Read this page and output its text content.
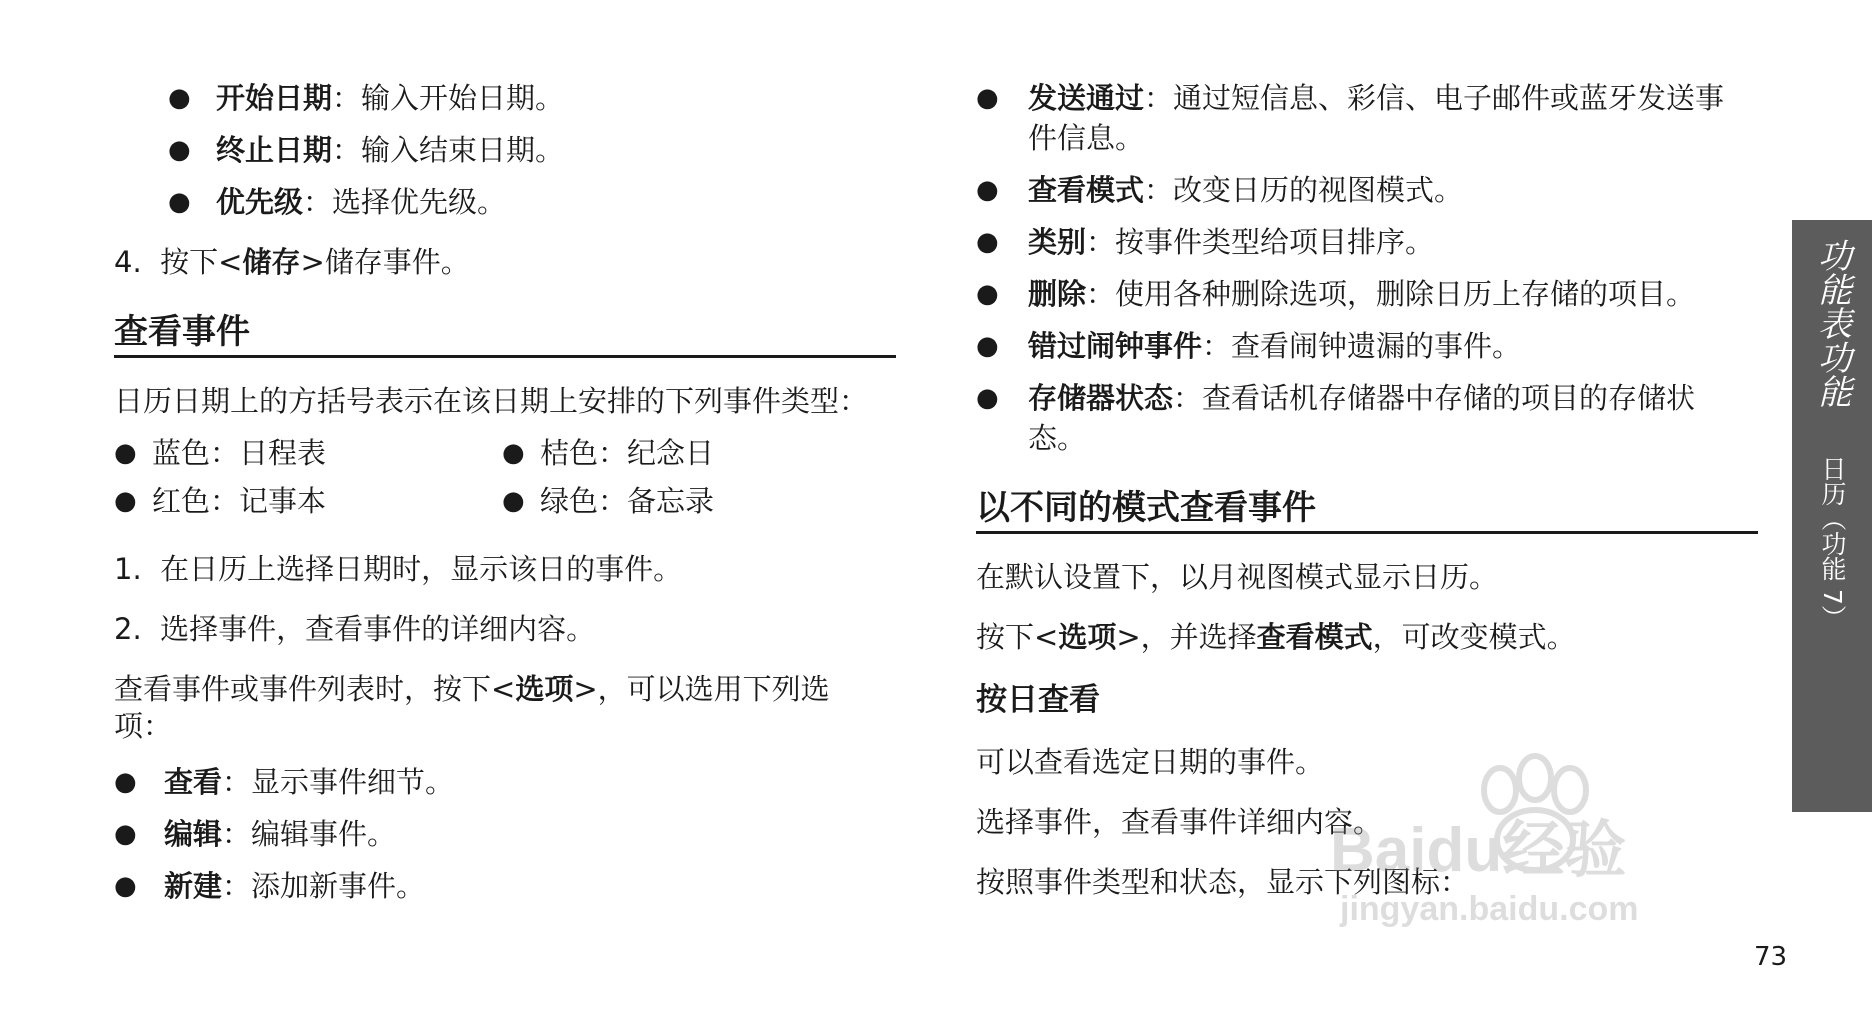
● 开始日期：输入开始日期。
● 终止日期：输入结束日期。
● 优先级：选择优先级。
4. 按下<储存>储存事件。
查看事件
日历日期上的方括号表示在该日期上安排的下列事件类型：
● 蓝色：日程表	● 桔色：纪念日
● 红色：记事本	● 绿色：备忘录
1. 在日历上选择日期时，显示该日的事件。
2. 选择事件，查看事件的详细内容。
查看事件或事件列表时，按下<选项>，可以选用下列选
项：
● 查看：显示事件细节。
● 编辑：编辑事件。
● 新建：添加新事件。
● 发送通过：通过短信息、彩信、电子邮件或蓝牙发送事
件信息。
● 查看模式：改变日历的视图模式。
● 类别：按事件类型给项目排序。
● 删除：使用各种删除选项，删除日历上存储的项目。
● 错过闹钟事件：查看闹钟遗漏的事件。
● 存储器状态：查看话机存储器中存储的项目的存储状
态。
以不同的模式查看事件
在默认设置下，以月视图模式显示日历。
按下<选项>，并选择查看模式，可改变模式。
按日查看
可以查看选定日期的事件。
选择事件，查看事件详细内容。
按照事件类型和状态，显示下列图标：
功能表功能
日历（功能 7）
Baidu经验
jingyan.baidu.com
73
